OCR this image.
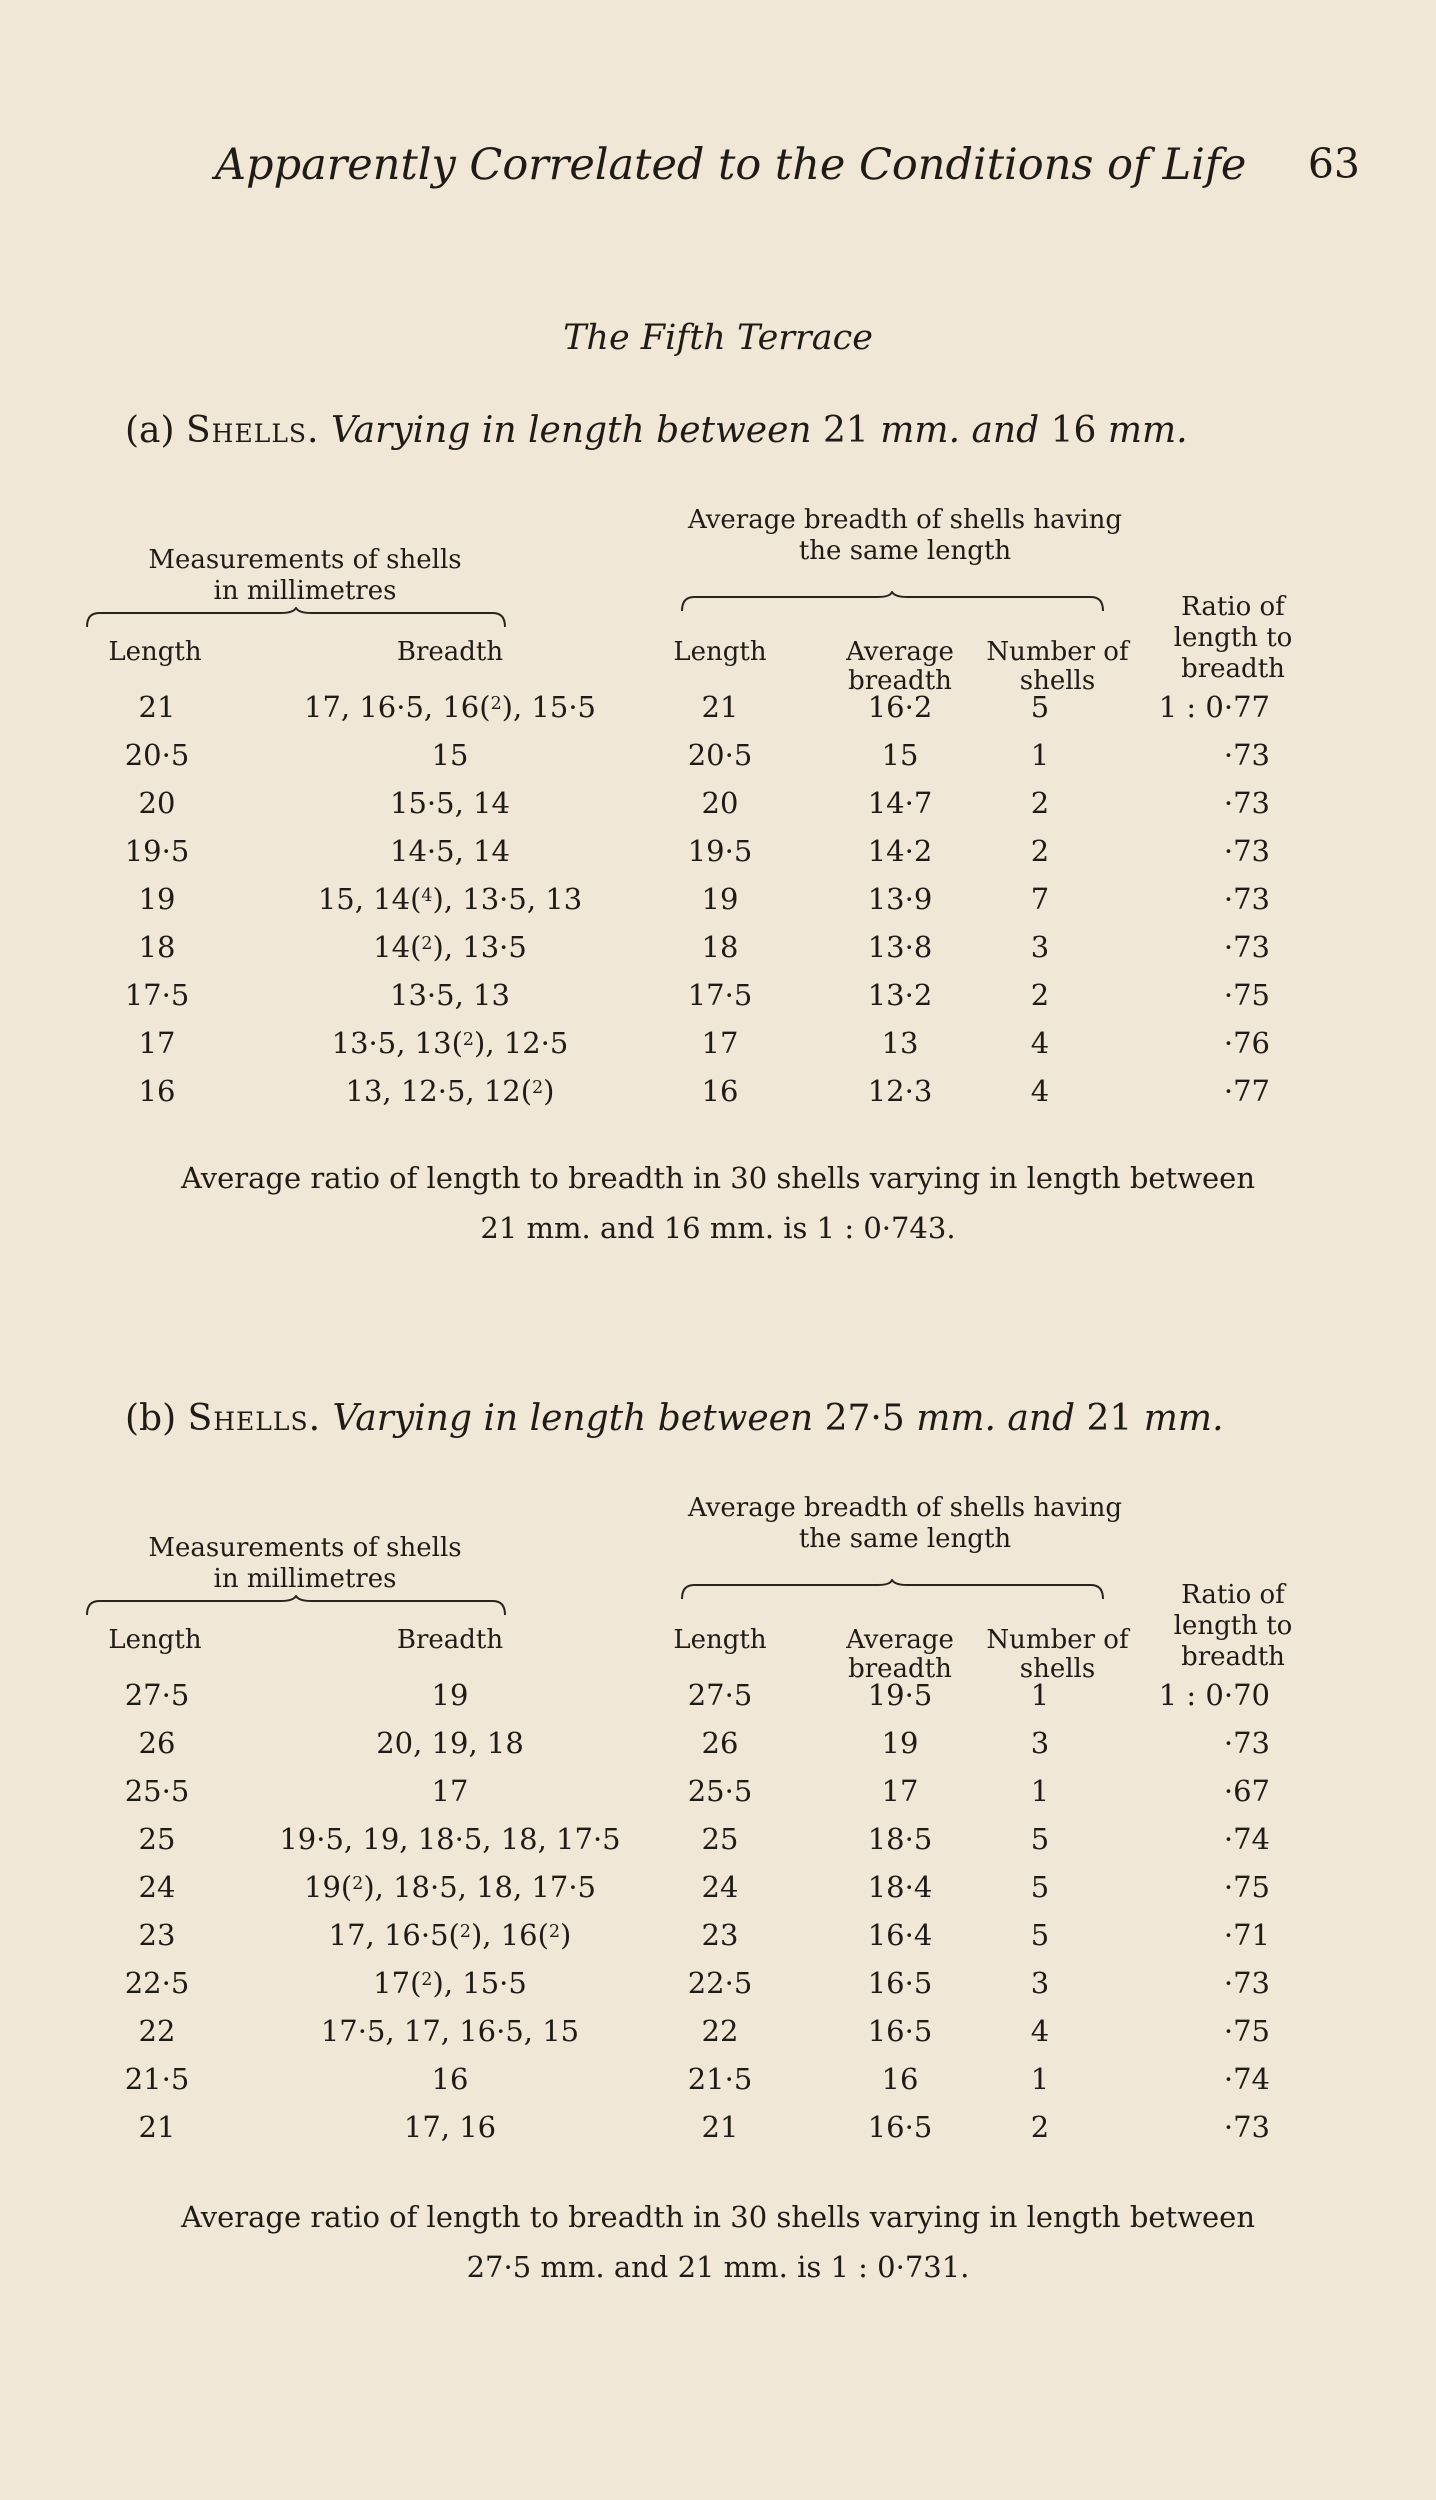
Apparently Correlated to the Conditions of Life 63
The Fifth Terrace
(a) Shells. Varying in length between 21 mm. and 16 mm.
Measurements of shells
in millimetres
Average breadth of shells having
the same length
Ratio of
length to
breadth
Length	Breadth	Length	Average
breadth
Number of
shells
21	17, 16·5, 16($^2$), 15·5	21	16·2	5	1 : 0·77
20·5	15	20·5	15	1	·73
20	15·5, 14	20	14·7	2	·73
19·5	14·5, 14	19·5	14·2	2	·73
19	15, 14($^4$), 13·5, 13	19	13·9	7	·73
18	14($^2$), 13·5	18	13·8	3	·73
17·5	13·5, 13	17·5	13·2	2	·75
17	13·5, 13($^2$), 12·5	17	13	4	·76
16	13, 12·5, 12($^2$)	16	12·3	4	·77
Average ratio of length to breadth in 30 shells varying in length between
21 mm. and 16 mm. is 1 : 0·743.
(b) Shells. Varying in length between 27·5 mm. and 21 mm.
Measurements of shells
in millimetres
Average breadth of shells having
the same length
Ratio of
length to
breadth
Length	Breadth	Length	Average
breadth
Number of
shells
27·5	19	27·5	19·5	1	1 : 0·70
26	20, 19, 18	26	19	3	·73
25·5	17	25·5	17	1	·67
25	19·5, 19, 18·5, 18, 17·5	25	18·5	5	·74
24	19($^2$), 18·5, 18, 17·5	24	18·4	5	·75
23	17, 16·5($^2$), 16($^2$)	23	16·4	5	·71
22·5	17($^2$), 15·5	22·5	16·5	3	·73
22	17·5, 17, 16·5, 15	22	16·5	4	·75
21·5	16	21·5	16	1	·74
21	17, 16	21	16·5	2	·73
Average ratio of length to breadth in 30 shells varying in length between
27·5 mm. and 21 mm. is 1 : 0·731.
